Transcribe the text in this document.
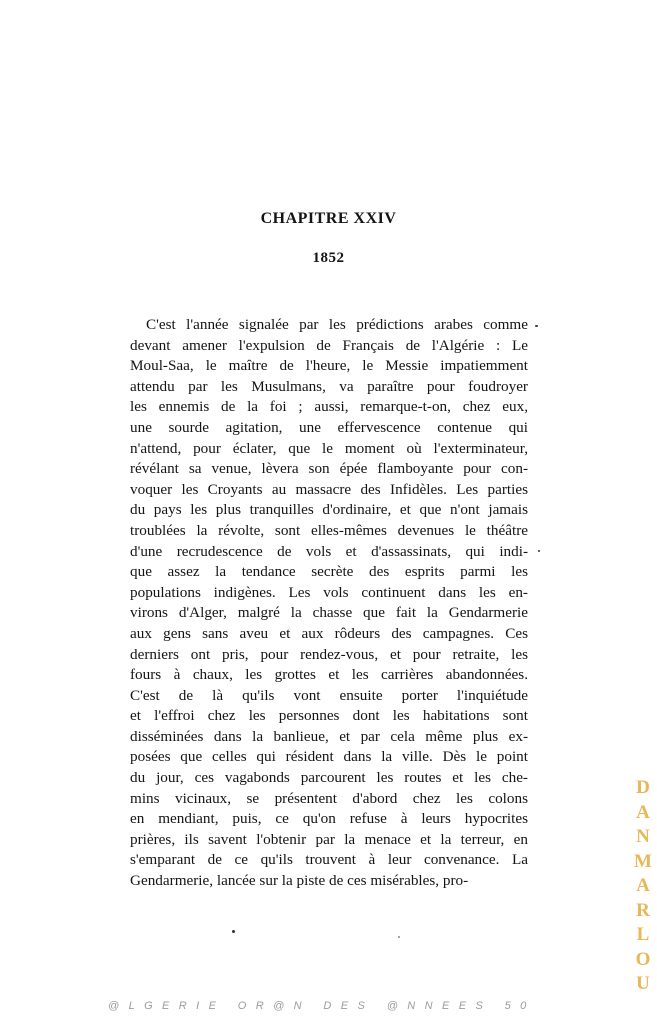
CHAPITRE XXIV
1852
C'est l'année signalée par les prédictions arabes comme
devant amener l'expulsion de Français de l'Algérie : Le
Moul-Saa, le maître de l'heure, le Messie impatiemment
attendu par les Musulmans, va paraître pour foudroyer
les ennemis de la foi ; aussi, remarque-t-on, chez eux,
une sourde agitation, une effervescence contenue qui
n'attend, pour éclater, que le moment où l'exterminateur,
révélant sa venue, lèvera son épée flamboyante pour con-
voquer les Croyants au massacre des Infidèles. Les parties
du pays les plus tranquilles d'ordinaire, et que n'ont jamais
troublées la révolte, sont elles-mêmes devenues le théâtre
d'une recrudescence de vols et d'assassinats, qui indi-
que assez la tendance secrète des esprits parmi les
populations indigènes. Les vols continuent dans les en-
virons d'Alger, malgré la chasse que fait la Gendarmerie
aux gens sans aveu et aux rôdeurs des campagnes. Ces
derniers ont pris, pour rendez-vous, et pour retraite, les
fours à chaux, les grottes et les carrières abandonnées.
C'est de là qu'ils vont ensuite porter l'inquiétude
et l'effroi chez les personnes dont les habitations sont
disséminées dans la banlieue, et par cela même plus ex-
posées que celles qui résident dans la ville. Dès le point
du jour, ces vagabonds parcourent les routes et les che-
mins vicinaux, se présentent d'abord chez les colons
en mendiant, puis, ce qu'on refuse à leurs hypocrites
prières, ils savent l'obtenir par la menace et la terreur, en
s'emparant de ce qu'ils trouvent à leur convenance. La
Gendarmerie, lancée sur la piste de ces misérables, pro-
D
A
N
M
A
R
L
O
U
@LGERIE OR@N DES @NNEES 50
